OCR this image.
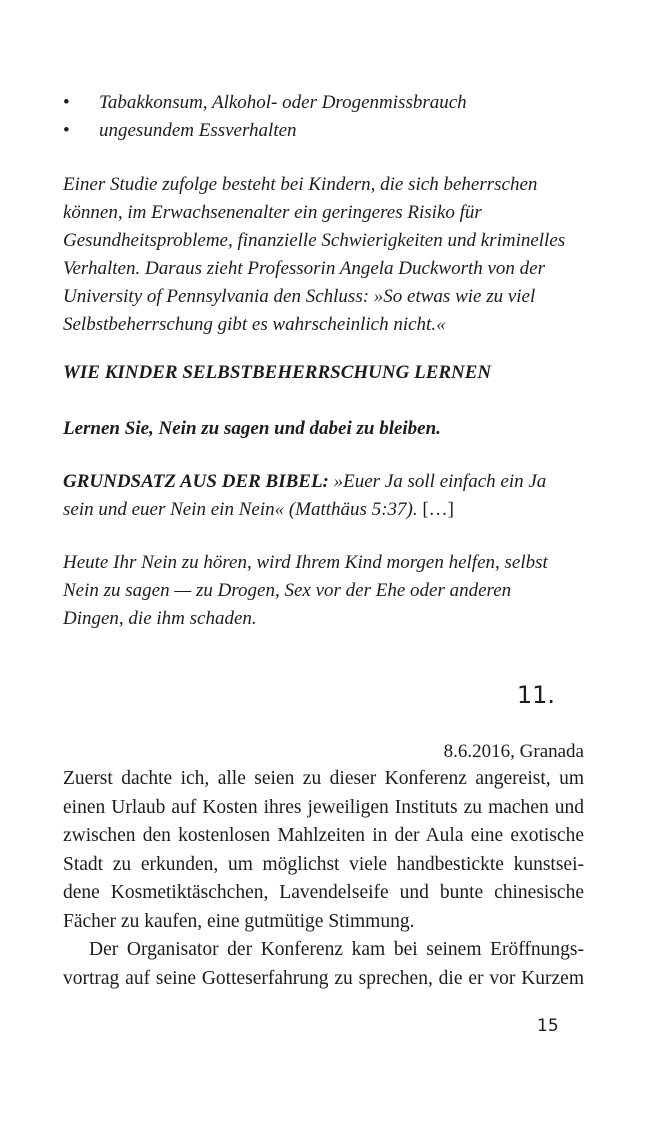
• Tabakkonsum, Alkohol- oder Drogenmissbrauch
• ungesundem Essverhalten
Einer Studie zufolge besteht bei Kindern, die sich beherrschen
können, im Erwachsenenalter ein geringeres Risiko für
Gesundheitsprobleme, finanzielle Schwierigkeiten und kriminelles
Verhalten. Daraus zieht Professorin Angela Duckworth von der
University of Pennsylvania den Schluss: »So etwas wie zu viel
Selbstbeherrschung gibt es wahrscheinlich nicht.«
WIE KINDER SELBSTBEHERRSCHUNG LERNEN
Lernen Sie, Nein zu sagen und dabei zu bleiben.
GRUNDSATZ AUS DER BIBEL: »Euer Ja soll einfach ein Ja
sein und euer Nein ein Nein« (Matthäus 5:37). […]
Heute Ihr Nein zu hören, wird Ihrem Kind morgen helfen, selbst
Nein zu sagen — zu Drogen, Sex vor der Ehe oder anderen
Dingen, die ihm schaden.
11.
8.6.2016, Granada
Zuerst dachte ich, alle seien zu dieser Konferenz angereist, um
einen Urlaub auf Kosten ihres jeweiligen Instituts zu machen und
zwischen den kostenlosen Mahlzeiten in der Aula eine exotische
Stadt zu erkunden, um möglichst viele handbestickte kunstsei-
dene Kosmetiktäschchen, Lavendelseife und bunte chinesische
Fächer zu kaufen, eine gutmütige Stimmung.
Der Organisator der Konferenz kam bei seinem Eröffnungs-
vortrag auf seine Gotteserfahrung zu sprechen, die er vor Kurzem
15
